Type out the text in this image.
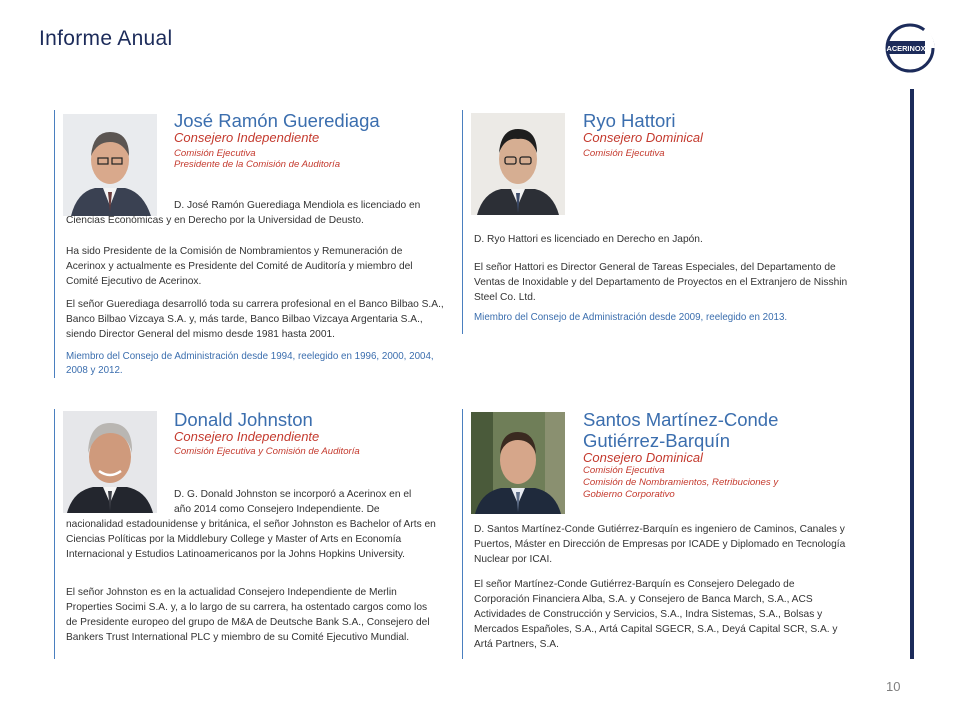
Informe Anual	ACERINOX
José Ramón Guerediaga
Consejero Independiente
Comisión Ejecutiva
Presidente de la Comisión de Auditoría

D. José Ramón Guerediaga Mendiola es licenciado en

Ciencias Económicas y en Derecho por la Universidad de Deusto.

Ha sido Presidente de la Comisión de Nombramientos y Remuneración de Acerinox y actualmente es Presidente del Comité de Auditoría y miembro del Comité Ejecutivo de Acerinox.

El señor Guerediaga desarrolló toda su carrera profesional en el Banco Bilbao S.A., Banco Bilbao Vizcaya S.A. y, más tarde, Banco Bilbao Vizcaya Argentaria S.A., siendo Director General del mismo desde 1981 hasta 2001.

Miembro del Consejo de Administración desde 1994, reelegido en 1996, 2000, 2004, 2008 y 2012.

Ryo Hattori
Consejero Dominical
Comisión Ejecutiva

D. Ryo Hattori es licenciado en Derecho en Japón.

El señor Hattori es Director General de Tareas Especiales, del Departamento de Ventas de Inoxidable y del Departamento de Proyectos en el Extranjero de Nisshin Steel Co. Ltd.

Miembro del Consejo de Administración desde 2009, reelegido en 2013.

Donald Johnston
Consejero Independiente
Comisión Ejecutiva y Comisión de Auditoría

D. G. Donald Johnston se incorporó a Acerinox en el año 2014 como Consejero Independiente. De

nacionalidad estadounidense y británica, el señor Johnston es Bachelor of Arts en Ciencias Políticas por la Middlebury College y Master of Arts en Economía Internacional y Estudios Latinoamericanos por la Johns Hopkins University.

El señor Johnston es en la actualidad Consejero Independiente de Merlin Properties Socimi S.A. y, a lo largo de su carrera, ha ostentado cargos como los de Presidente europeo del grupo de M&A de Deutsche Bank S.A., Consejero del Bankers Trust International PLC y miembro de su Comité Ejecutivo Mundial.

Santos Martínez-Conde
Gutiérrez-Barquín
Consejero Dominical
Comisión Ejecutiva
Comisión de Nombramientos, Retribuciones y
Gobierno Corporativo

D. Santos Martínez-Conde Gutiérrez-Barquín es ingeniero de Caminos, Canales y Puertos, Máster en Dirección de Empresas por ICADE y Diplomado en Tecnología Nuclear por ICAI.

El señor Martínez-Conde Gutiérrez-Barquín es Consejero Delegado de Corporación Financiera Alba, S.A. y Consejero de Banca March, S.A., ACS Actividades de Construcción y Servicios, S.A., Indra Sistemas, S.A., Bolsas y Mercados Españoles, S.A., Artá Capital SGECR, S.A., Deyá Capital SCR, S.A. y Artá Partners, S.A.

10
